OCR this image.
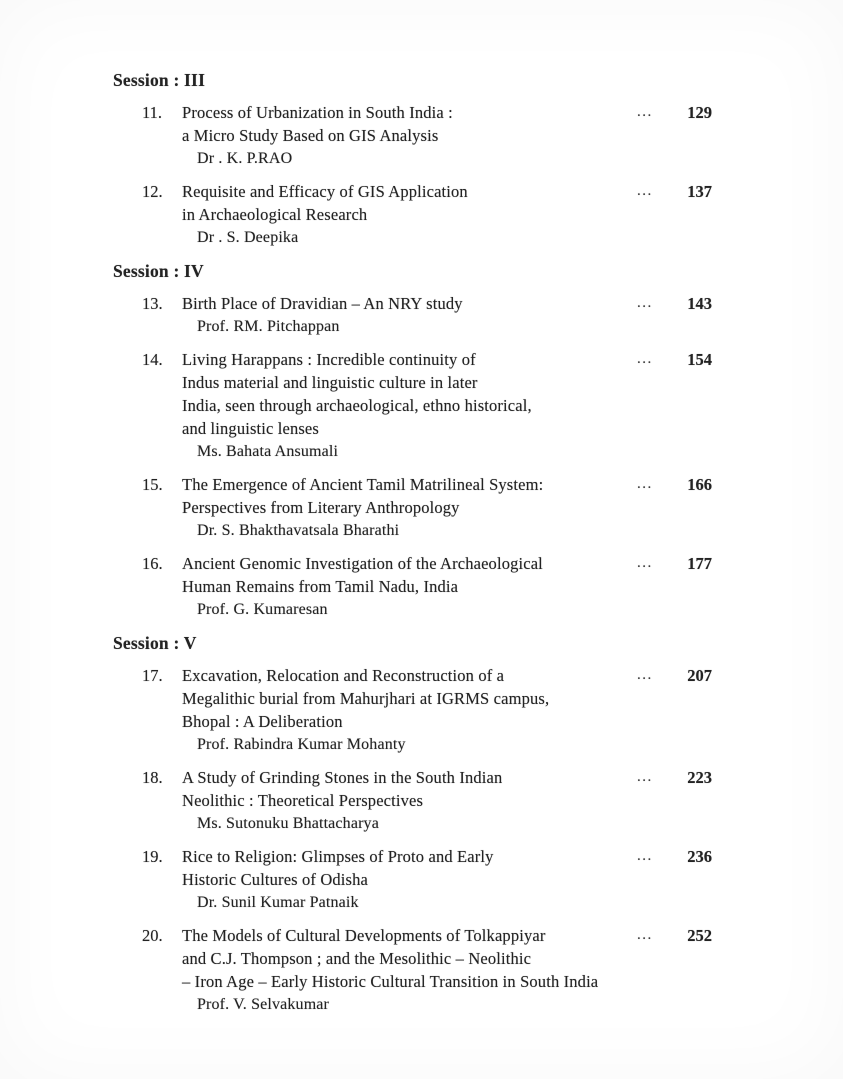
Session : III
11.	Process of Urbanization in South India :
a Micro Study Based on GIS Analysis
Dr . K. P.RAO
...	129
12.	Requisite and Efficacy of GIS Application
in Archaeological Research
Dr . S. Deepika
...	137
Session : IV
13.	Birth Place of Dravidian – An NRY study
Prof. RM. Pitchappan
...	143
14.	Living Harappans : Incredible continuity of
Indus material and linguistic culture in later
India, seen through archaeological, ethno historical,
and linguistic lenses
Ms. Bahata Ansumali
...	154
15.	The Emergence of Ancient Tamil Matrilineal System:
Perspectives from Literary Anthropology
Dr. S. Bhakthavatsala Bharathi
...	166
16.	Ancient Genomic Investigation of the Archaeological
Human Remains from Tamil Nadu, India
Prof. G. Kumaresan
...	177
Session : V
17.	Excavation, Relocation and Reconstruction of a
Megalithic burial from Mahurjhari at IGRMS campus,
Bhopal : A Deliberation
Prof. Rabindra Kumar Mohanty
...	207
18.	A Study of Grinding Stones in the South Indian
Neolithic : Theoretical Perspectives
Ms. Sutonuku Bhattacharya
...	223
19.	Rice to Religion: Glimpses of Proto and Early
Historic Cultures of Odisha
Dr. Sunil Kumar Patnaik
...	236
20.	The Models of Cultural Developments of Tolkappiyar
and C.J. Thompson ; and the Mesolithic – Neolithic
– Iron Age – Early Historic Cultural Transition in South India
Prof. V. Selvakumar
...	252
